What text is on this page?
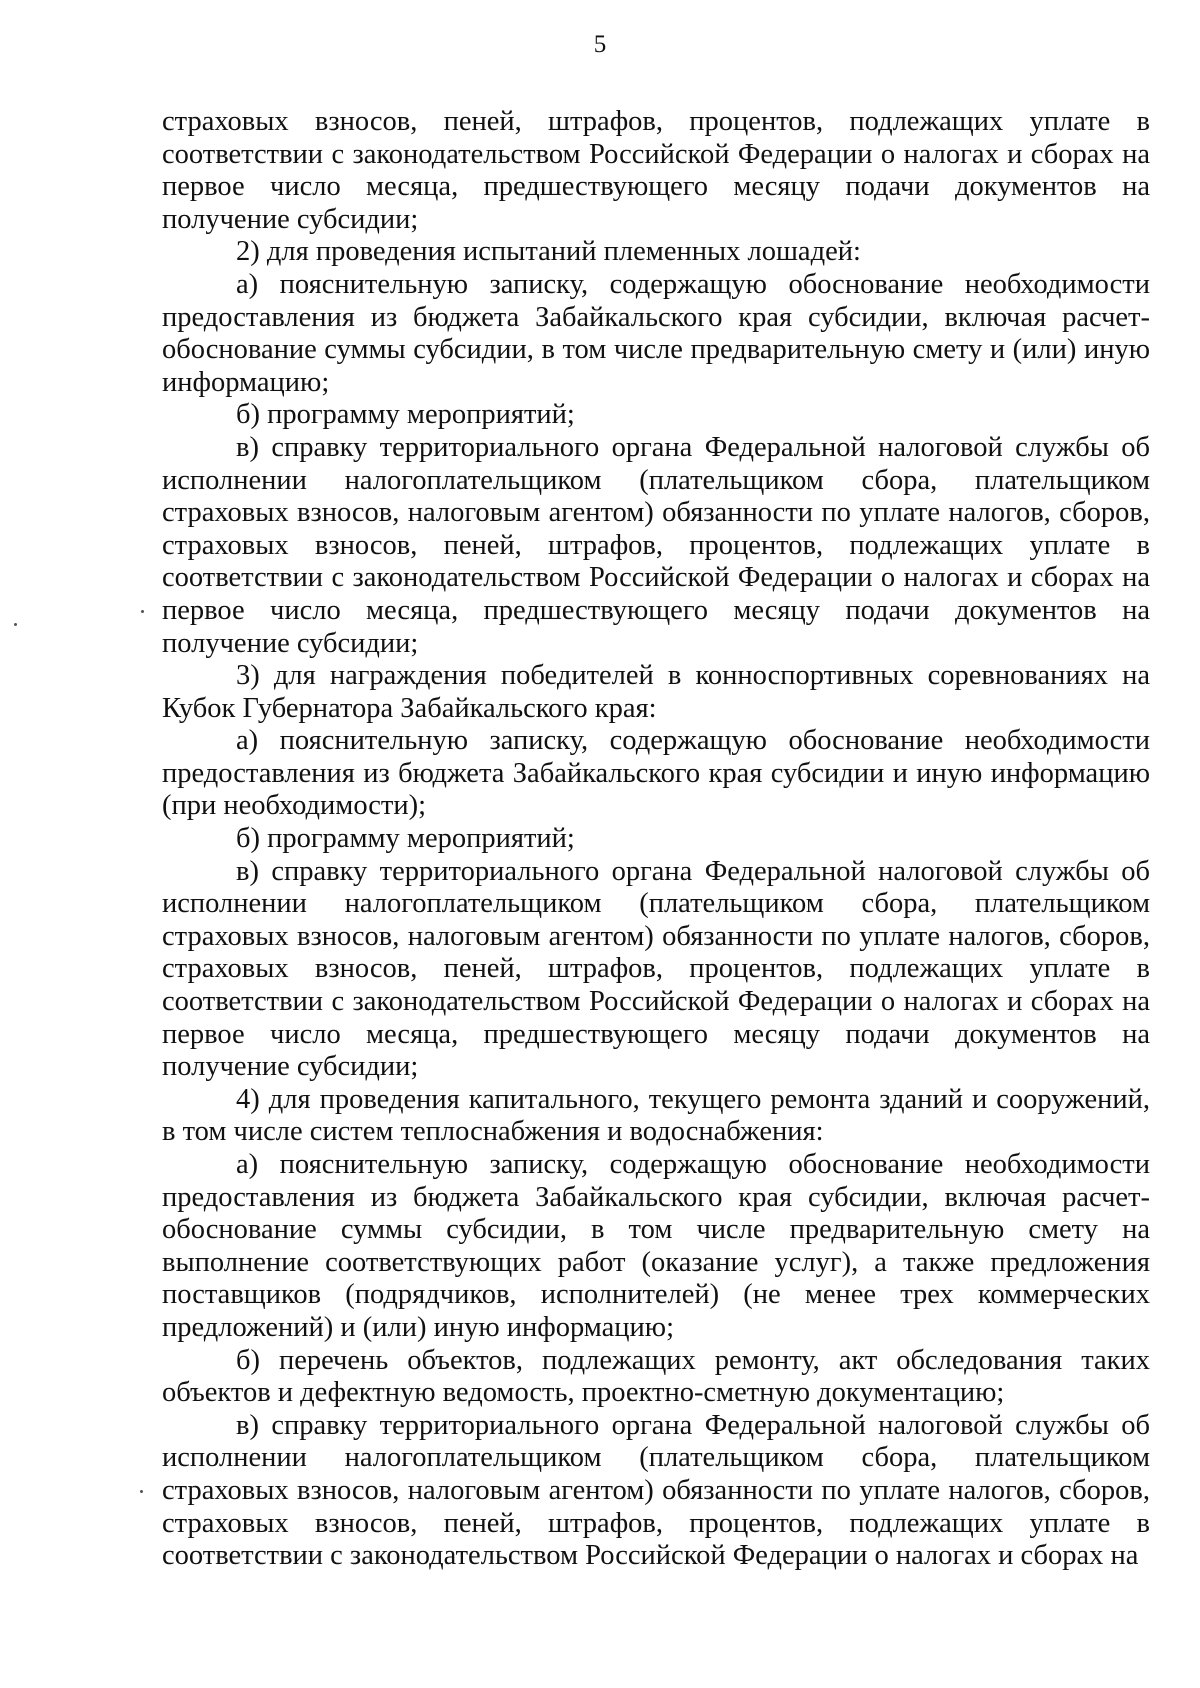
5

страховых взносов, пеней, штрафов, процентов, подлежащих уплате в соответствии с законодательством Российской Федерации о налогах и сборах на первое число месяца, предшествующего месяцу подачи документов на получение субсидии;

2) для проведения испытаний племенных лошадей:

а) пояснительную записку, содержащую обоснование необходимости предоставления из бюджета Забайкальского края субсидии, включая расчет-обоснование суммы субсидии, в том числе предварительную смету и (или) иную информацию;

б) программу мероприятий;

в) справку территориального органа Федеральной налоговой службы об исполнении налогоплательщиком (плательщиком сбора, плательщиком страховых взносов, налоговым агентом) обязанности по уплате налогов, сборов, страховых взносов, пеней, штрафов, процентов, подлежащих уплате в соответствии с законодательством Российской Федерации о налогах и сборах на первое число месяца, предшествующего месяцу подачи документов на получение субсидии;

3) для награждения победителей в конноспортивных соревнованиях на Кубок Губернатора Забайкальского края:

а) пояснительную записку, содержащую обоснование необходимости предоставления из бюджета Забайкальского края субсидии и иную информацию (при необходимости);

б) программу мероприятий;

в) справку территориального органа Федеральной налоговой службы об исполнении налогоплательщиком (плательщиком сбора, плательщиком страховых взносов, налоговым агентом) обязанности по уплате налогов, сборов, страховых взносов, пеней, штрафов, процентов, подлежащих уплате в соответствии с законодательством Российской Федерации о налогах и сборах на первое число месяца, предшествующего месяцу подачи документов на получение субсидии;

4) для проведения капитального, текущего ремонта зданий и сооружений, в том числе систем теплоснабжения и водоснабжения:

а) пояснительную записку, содержащую обоснование необходимости предоставления из бюджета Забайкальского края субсидии, включая расчет-обоснование суммы субсидии, в том числе предварительную смету на выполнение соответствующих работ (оказание услуг), а также предложения поставщиков (подрядчиков, исполнителей) (не менее трех коммерческих предложений) и (или) иную информацию;

б) перечень объектов, подлежащих ремонту, акт обследования таких объектов и дефектную ведомость, проектно-сметную документацию;

в) справку территориального органа Федеральной налоговой службы об исполнении налогоплательщиком (плательщиком сбора, плательщиком страховых взносов, налоговым агентом) обязанности по уплате налогов, сборов, страховых взносов, пеней, штрафов, процентов, подлежащих уплате в соответствии с законодательством Российской Федерации о налогах и сборах на
